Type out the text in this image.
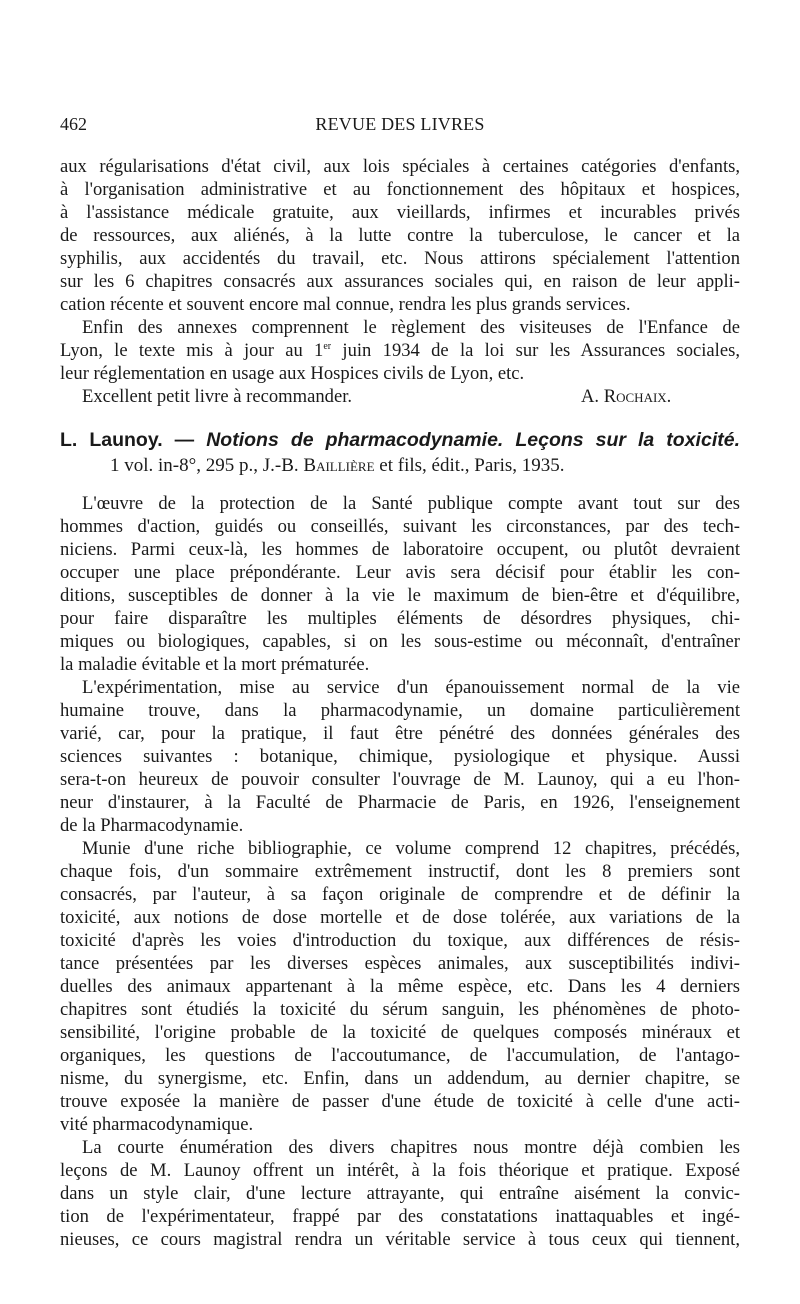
462	REVUE DES LIVRES
aux régularisations d'état civil, aux lois spéciales à certaines catégories d'enfants,
à l'organisation administrative et au fonctionnement des hôpitaux et hospices,
à l'assistance médicale gratuite, aux vieillards, infirmes et incurables privés
de ressources, aux aliénés, à la lutte contre la tuberculose, le cancer et la
syphilis, aux accidentés du travail, etc. Nous attirons spécialement l'attention
sur les 6 chapitres consacrés aux assurances sociales qui, en raison de leur appli-
cation récente et souvent encore mal connue, rendra les plus grands services.
Enfin des annexes comprennent le règlement des visiteuses de l'Enfance de
Lyon, le texte mis à jour au 1er juin 1934 de la loi sur les Assurances sociales,
leur réglementation en usage aux Hospices civils de Lyon, etc.
Excellent petit livre à recommander.	A. Rochaix.
L. Launoy. — Notions de pharmacodynamie. Leçons sur la toxicité.
1 vol. in-8°, 295 p., J.-B. Baillière et fils, édit., Paris, 1935.
L'œuvre de la protection de la Santé publique compte avant tout sur des
hommes d'action, guidés ou conseillés, suivant les circonstances, par des tech-
niciens. Parmi ceux-là, les hommes de laboratoire occupent, ou plutôt devraient
occuper une place prépondérante. Leur avis sera décisif pour établir les con-
ditions, susceptibles de donner à la vie le maximum de bien-être et d'équilibre,
pour faire disparaître les multiples éléments de désordres physiques, chi-
miques ou biologiques, capables, si on les sous-estime ou méconnaît, d'entraîner
la maladie évitable et la mort prématurée.
L'expérimentation, mise au service d'un épanouissement normal de la vie
humaine trouve, dans la pharmacodynamie, un domaine particulièrement
varié, car, pour la pratique, il faut être pénétré des données générales des
sciences suivantes : botanique, chimique, pysiologique et physique. Aussi
sera-t-on heureux de pouvoir consulter l'ouvrage de M. Launoy, qui a eu l'hon-
neur d'instaurer, à la Faculté de Pharmacie de Paris, en 1926, l'enseignement
de la Pharmacodynamie.
Munie d'une riche bibliographie, ce volume comprend 12 chapitres, précédés,
chaque fois, d'un sommaire extrêmement instructif, dont les 8 premiers sont
consacrés, par l'auteur, à sa façon originale de comprendre et de définir la
toxicité, aux notions de dose mortelle et de dose tolérée, aux variations de la
toxicité d'après les voies d'introduction du toxique, aux différences de résis-
tance présentées par les diverses espèces animales, aux susceptibilités indivi-
duelles des animaux appartenant à la même espèce, etc. Dans les 4 derniers
chapitres sont étudiés la toxicité du sérum sanguin, les phénomènes de photo-
sensibilité, l'origine probable de la toxicité de quelques composés minéraux et
organiques, les questions de l'accoutumance, de l'accumulation, de l'antago-
nisme, du synergisme, etc. Enfin, dans un addendum, au dernier chapitre, se
trouve exposée la manière de passer d'une étude de toxicité à celle d'une acti-
vité pharmacodynamique.
La courte énumération des divers chapitres nous montre déjà combien les
leçons de M. Launoy offrent un intérêt, à la fois théorique et pratique. Exposé
dans un style clair, d'une lecture attrayante, qui entraîne aisément la convic-
tion de l'expérimentateur, frappé par des constatations inattaquables et ingé-
nieuses, ce cours magistral rendra un véritable service à tous ceux qui tiennent,
